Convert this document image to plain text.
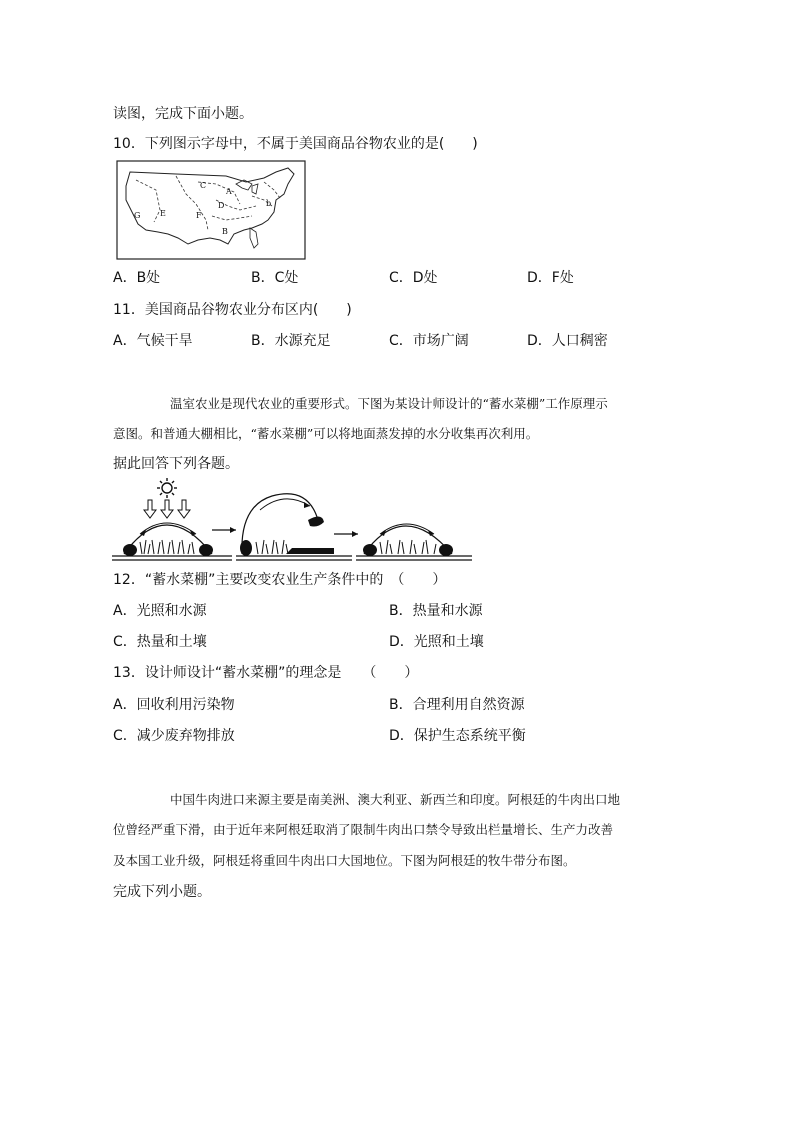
读图，完成下面小题。
10．下列图示字母中，不属于美国商品谷物农业的是(　　)
A
B
C
D
E	F
G
b
A．B处	B．C处	C．D处	D．F处
11．美国商品谷物农业分布区内(　　)
A．气候干旱	B．水源充足	C．市场广阔	D．人口稠密
温室农业是现代农业的重要形式。下图为某设计师设计的“蓄水菜棚”工作原理示
意图。和普通大棚相比，“蓄水菜棚”可以将地面蒸发掉的水分收集再次利用。
据此回答下列各题。
12．“蓄水菜棚”主要改变农业生产条件中的　（　　）
A．光照和水源	B．热量和水源
C．热量和土壤	D．光照和土壤
13．设计师设计“蓄水菜棚”的理念是　　（　　）
A．回收利用污染物	B．合理利用自然资源
C．减少废弃物排放	D．保护生态系统平衡
中国牛肉进口来源主要是南美洲、澳大利亚、新西兰和印度。阿根廷的牛肉出口地
位曾经严重下滑，由于近年来阿根廷取消了限制牛肉出口禁令导致出栏量增长、生产力改善
及本国工业升级，阿根廷将重回牛肉出口大国地位。下图为阿根廷的牧牛带分布图。
完成下列小题。
